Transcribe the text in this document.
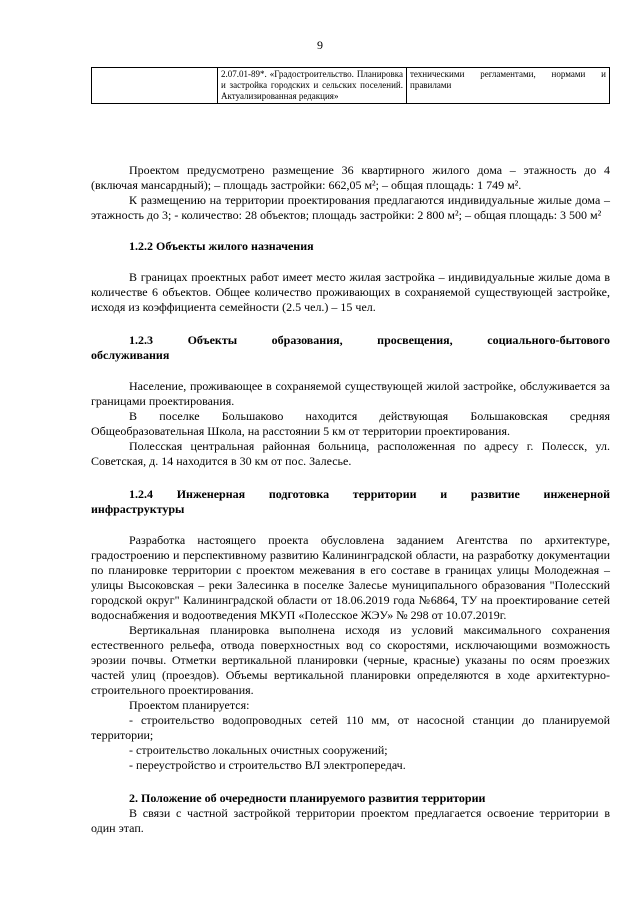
9
	2.07.01-89*. «Градостроительство. Планировка и застройка городских и сельских поселений. Актуализированная редакция»	техническими регламентами, нормами и правилами

Проектом предусмотрено размещение 36 квартирного жилого дома – этажность до 4 (включая мансардный); – площадь застройки: 662,05 м²; – общая площадь: 1 749 м².

К размещению на территории проектирования предлагаются индивидуальные жилые дома – этажность до 3; - количество: 28 объектов; площадь застройки: 2 800 м²; – общая площадь: 3 500 м²

1.2.2 Объекты жилого назначения

В границах проектных работ имеет место жилая застройка – индивидуальные жилые дома в количестве 6 объектов. Общее количество проживающих в сохраняемой существующей застройке, исходя из коэффициента семейности (2.5 чел.) – 15 чел.

1.2.3 Объекты образования, просвещения, социального-бытового обслуживания

Население, проживающее в сохраняемой существующей жилой застройке, обслуживается за границами проектирования.

В поселке Большаково находится действующая Большаковская средняя Общеобразовательная Школа, на расстоянии 5 км от территории проектирования.

Полесская центральная районная больница, расположенная по адресу г. Полесск, ул. Советская, д. 14 находится в 30 км от пос. Залесье.

1.2.4 Инженерная подготовка территории и развитие инженерной инфраструктуры

Разработка настоящего проекта обусловлена заданием Агентства по архитектуре, градостроению и перспективному развитию Калининградской области, на разработку документации по планировке территории с проектом межевания в его составе в границах улицы Молодежная – улицы Высоковская – реки Залесинка в поселке Залесье муниципального образования "Полесский городской округ" Калининградской области от 18.06.2019 года №6864, ТУ на проектирование сетей водоснабжения и водоотведения МКУП «Полесское ЖЭУ» № 298 от 10.07.2019г.

Вертикальная планировка выполнена исходя из условий максимального сохранения естественного рельефа, отвода поверхностных вод со скоростями, исключающими возможность эрозии почвы. Отметки вертикальной планировки (черные, красные) указаны по осям проезжих частей улиц (проездов). Объемы вертикальной планировки определяются в ходе архитектурно-строительного проектирования.

Проектом планируется:

- строительство водопроводных сетей 110 мм, от насосной станции до планируемой территории;

- строительство локальных очистных сооружений;

- переустройство и строительство ВЛ электропередач.

2. Положение об очередности планируемого развития территории

В связи с частной застройкой территории проектом предлагается освоение территории в один этап.
